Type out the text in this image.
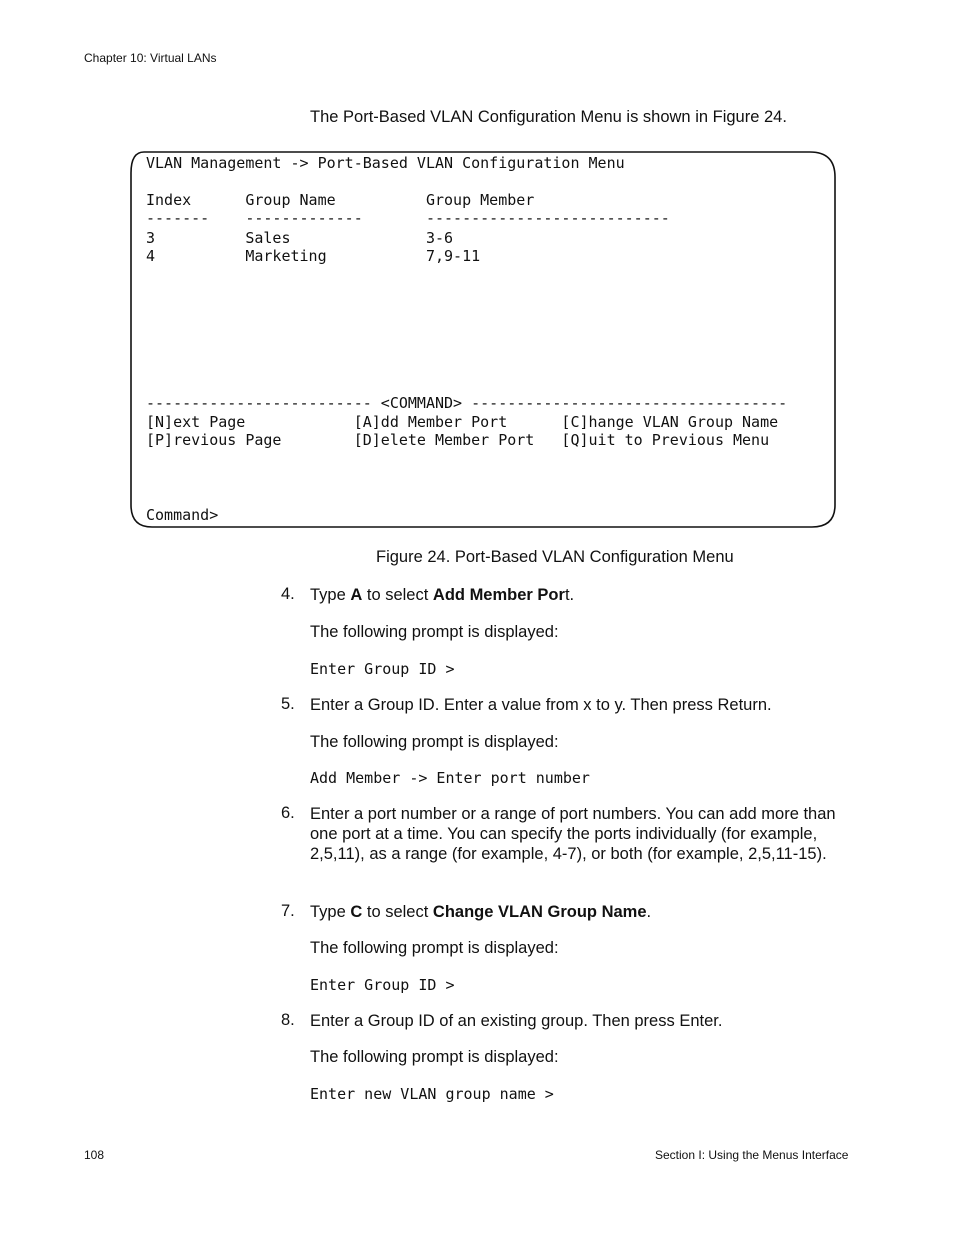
Chapter 10: Virtual LANs
The Port-Based VLAN Configuration Menu is shown in Figure 24.
VLAN Management -> Port-Based VLAN Configuration Menu
Index      Group Name          Group Member
-------    -------------       ---------------------------
3          Sales               3-6
4          Marketing           7,9-11
------------------------- <COMMAND> -----------------------------------
[N]ext Page            [A]dd Member Port      [C]hange VLAN Group Name
[P]revious Page        [D]elete Member Port   [Q]uit to Previous Menu
Command>
Figure 24. Port-Based VLAN Configuration Menu
4. Type A to select Add Member Port.
The following prompt is displayed:
Enter Group ID >
5. Enter a Group ID. Enter a value from x to y. Then press Return.
The following prompt is displayed:
Add Member -> Enter port number
6. Enter a port number or a range of port numbers. You can add more than one port at a time. You can specify the ports individually (for example, 2,5,11), as a range (for example, 4-7), or both (for example, 2,5,11-15).
7. Type C to select Change VLAN Group Name.
The following prompt is displayed:
Enter Group ID >
8. Enter a Group ID of an existing group. Then press Enter.
The following prompt is displayed:
Enter new VLAN group name >
108	Section I: Using the Menus Interface
